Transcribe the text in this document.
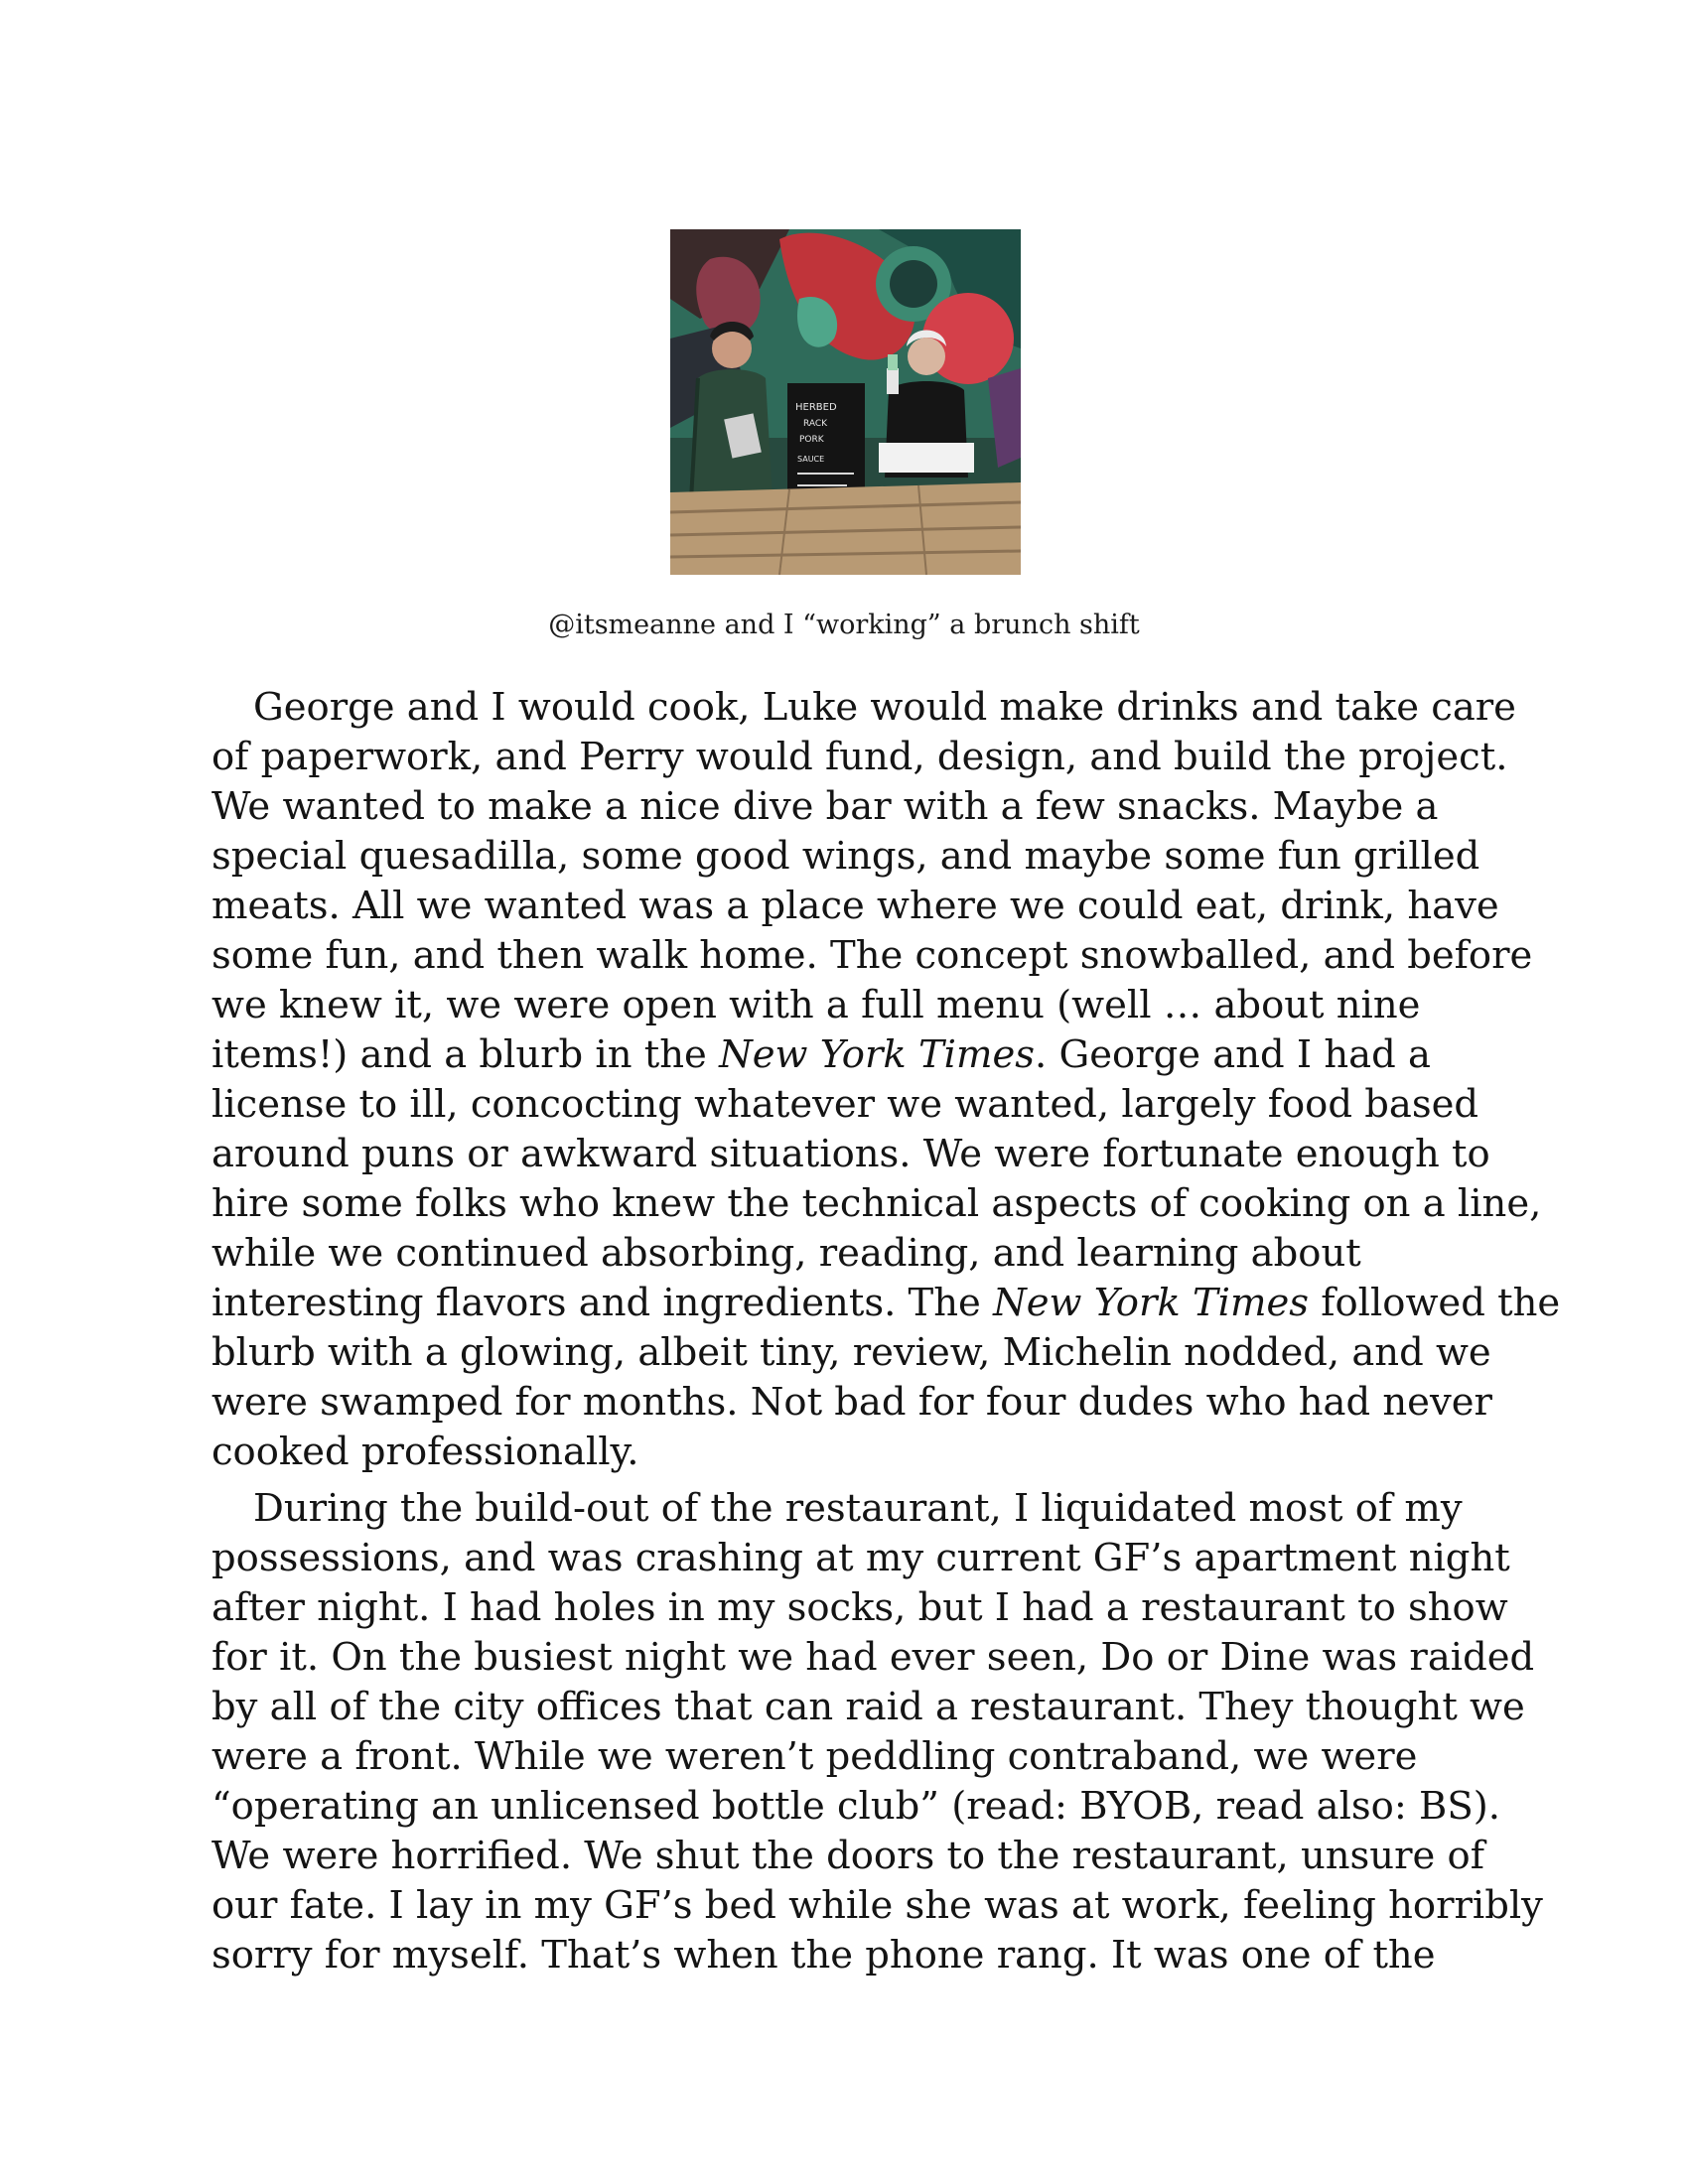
HERBED
RACK
PORK
SAUCE
@itsmeanne and I “working” a brunch shift
George and I would cook, Luke would make drinks and take care
of paperwork, and Perry would fund, design, and build the project.
We wanted to make a nice dive bar with a few snacks. Maybe a
special quesadilla, some good wings, and maybe some fun grilled
meats. All we wanted was a place where we could eat, drink, have
some fun, and then walk home. The concept snowballed, and before
we knew it, we were open with a full menu (well … about nine
items!) and a blurb in the New York Times. George and I had a
license to ill, concocting whatever we wanted, largely food based
around puns or awkward situations. We were fortunate enough to
hire some folks who knew the technical aspects of cooking on a line,
while we continued absorbing, reading, and learning about
interesting flavors and ingredients. The New York Times followed the
blurb with a glowing, albeit tiny, review, Michelin nodded, and we
were swamped for months. Not bad for four dudes who had never
cooked professionally.
During the build-out of the restaurant, I liquidated most of my
possessions, and was crashing at my current GF’s apartment night
after night. I had holes in my socks, but I had a restaurant to show
for it. On the busiest night we had ever seen, Do or Dine was raided
by all of the city offices that can raid a restaurant. They thought we
were a front. While we weren’t peddling contraband, we were
“operating an unlicensed bottle club” (read: BYOB, read also: BS).
We were horrified. We shut the doors to the restaurant, unsure of
our fate. I lay in my GF’s bed while she was at work, feeling horribly
sorry for myself. That’s when the phone rang. It was one of the
